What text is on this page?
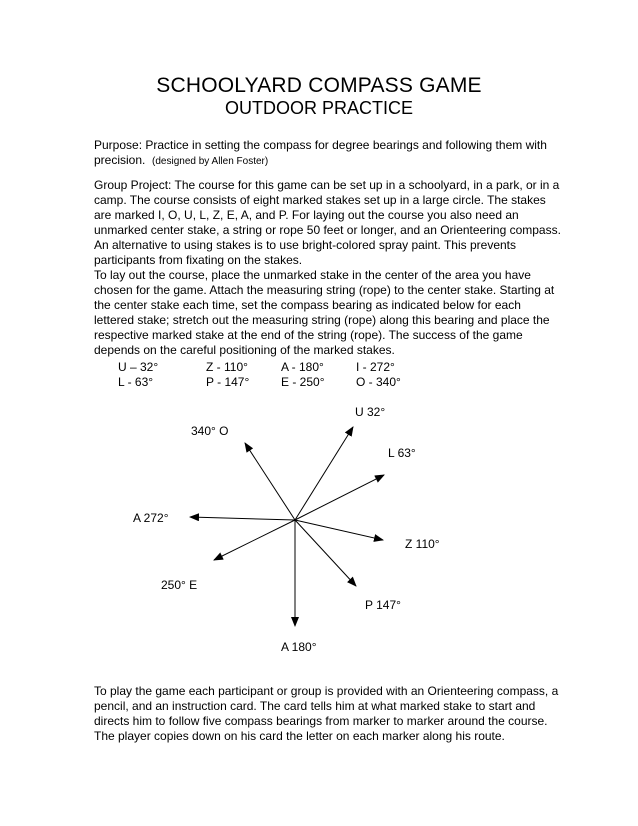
SCHOOLYARD COMPASS GAME
OUTDOOR PRACTICE

Purpose: Practice in setting the compass for degree bearings and following them with precision. (designed by Allen Foster)

Group Project: The course for this game can be set up in a schoolyard, in a park, or in a camp. The course consists of eight marked stakes set up in a large circle. The stakes are marked I, O, U, L, Z, E, A, and P. For laying out the course you also need an unmarked center stake, a string or rope 50 feet or longer, and an Orienteering compass. An alternative to using stakes is to use bright-colored spray paint. This prevents participants from fixating on the stakes.

To lay out the course, place the unmarked stake in the center of the area you have chosen for the game. Attach the measuring string (rope) to the center stake. Starting at the center stake each time, set the compass bearing as indicated below for each lettered stake; stretch out the measuring string (rope) along this bearing and place the respective marked stake at the end of the string (rope). The success of the game depends on the careful positioning of the marked stakes.

U – 32°
L - 63°
Z - 110°
P - 147°
A - 180°
E - 250°
I - 272°
O - 340°
U 32°
340° O
L 63°
A 272°
Z 110°
250° E
P 147°
A 180°

To play the game each participant or group is provided with an Orienteering compass, a pencil, and an instruction card. The card tells him at what marked stake to start and directs him to follow five compass bearings from marker to marker around the course. The player copies down on his card the letter on each marker along his route.
